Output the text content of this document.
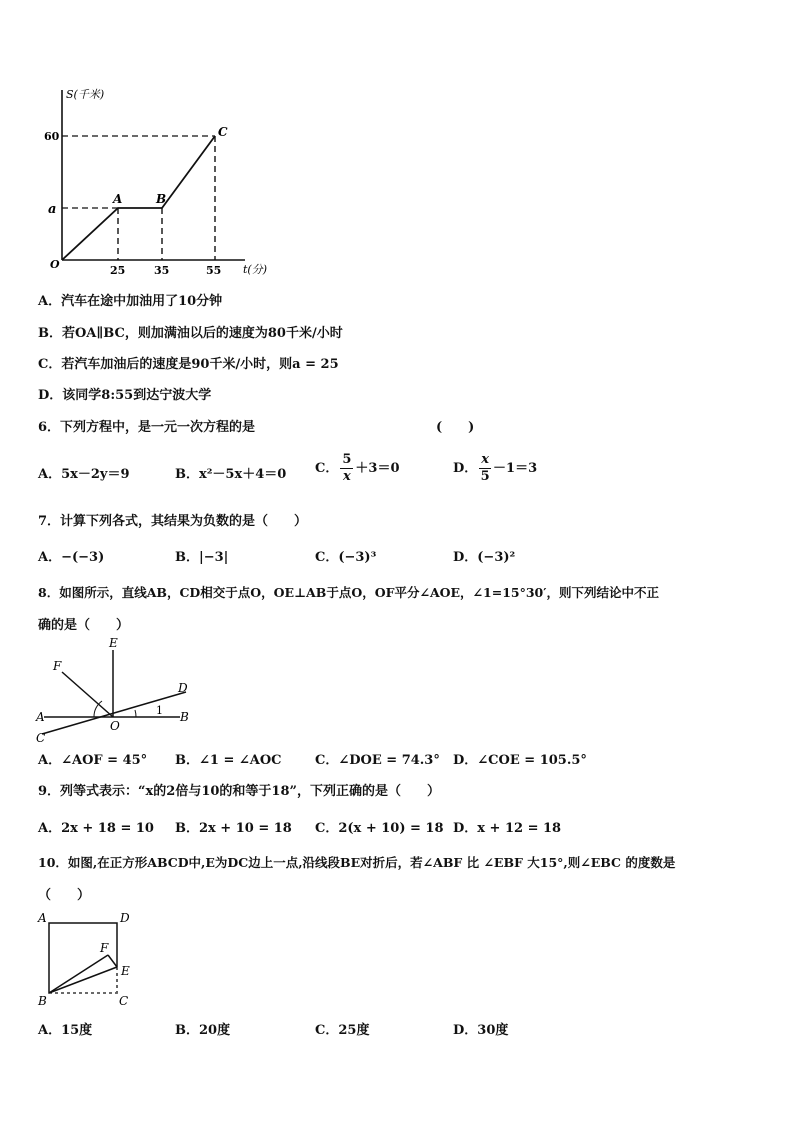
S(千米)
t(分)
60
a
O	25	35	55
A	B
C
A．汽车在途中加油用了10分钟
B．若OA∥BC，则加满油以后的速度为80千米/小时
C．若汽车加油后的速度是90千米/小时，则a = 25
D．该同学8:55到达宁波大学
6．下列方程中，是一元一次方程的是	(　　)
A．5x－2y＝9	B．x²－5x＋4＝0 C． $\frac{5}{x} +3=0$	D． $\frac{x}{5} -1=3$
7．计算下列各式，其结果为负数的是（　　）
A．−(−3)	B．|−3|	C．(−3)³	D．(−3)²
8．如图所示，直线AB，CD相交于点O，OE⊥AB于点O，OF平分∠AOE，∠1=15°30′，则下列结论中不正
确的是（　　）
E
F
D
A
O
1 B
C
A．∠AOF = 45° B．∠1 = ∠AOC	C．∠DOE = 74.3° D．∠COE = 105.5°
9．列等式表示：“x的2倍与10的和等于18”，下列正确的是（　　）
A．2x + 18 = 10 B．2x + 10 = 18 C．2(x + 10) = 18 D．x + 12 = 18
10．如图,在正方形ABCD中,E为DC边上一点,沿线段BE对折后，若∠ABF 比 ∠EBF 大15°,则∠EBC 的度数是
（　　）
A	D
F
E
B	C
A．15度	B．20度	C．25度	D．30度
